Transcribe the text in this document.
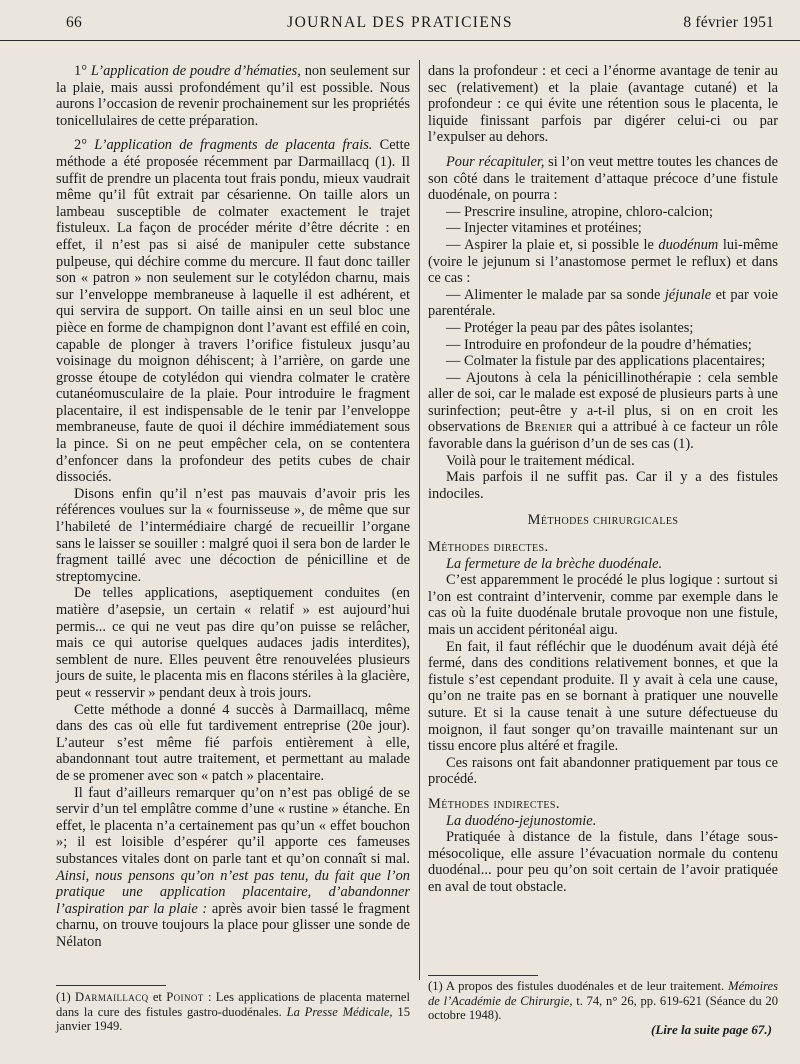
66	JOURNAL DES PRATICIENS	8 février 1951

1° L’application de poudre d’hématies, non seulement sur la plaie, mais aussi profondément qu’il est possible. Nous aurons l’occasion de revenir prochainement sur les propriétés tonicellulaires de cette préparation.

2° L’application de fragments de placenta frais. Cette méthode a été proposée récemment par Darmaillacq (1). Il suffit de prendre un placenta tout frais pondu, mieux vaudrait même qu’il fût extrait par césarienne. On taille alors un lambeau susceptible de colmater exactement le trajet fistuleux. La façon de procéder mérite d’être décrite : en effet, il n’est pas si aisé de manipuler cette substance pulpeuse, qui déchire comme du mercure. Il faut donc tailler son « patron » non seulement sur le cotylédon charnu, mais sur l’enveloppe membraneuse à laquelle il est adhérent, et qui servira de support. On taille ainsi en un seul bloc une pièce en forme de champignon dont l’avant est effilé en coin, capable de plonger à travers l’orifice fistuleux jusqu’au voisinage du moignon déhiscent; à l’arrière, on garde une grosse étoupe de cotylédon qui viendra colmater le cratère cutanéomusculaire de la plaie. Pour introduire le fragment placentaire, il est indispensable de le tenir par l’enveloppe membraneuse, faute de quoi il déchire immédiatement sous la pince. Si on ne peut empêcher cela, on se contentera d’enfoncer dans la profondeur des petits cubes de chair dissociés.

Disons enfin qu’il n’est pas mauvais d’avoir pris les références voulues sur la « fournisseuse », de même que sur l’habileté de l’intermédiaire chargé de recueillir l’organe sans le laisser se souiller : malgré quoi il sera bon de larder le fragment taillé avec une décoction de pénicilline et de streptomycine.

De telles applications, aseptiquement conduites (en matière d’asepsie, un certain « relatif » est aujourd’hui permis... ce qui ne veut pas dire qu’on puisse se relâcher, mais ce qui autorise quelques audaces jadis interdites), semblent de nure. Elles peuvent être renouvelées plusieurs jours de suite, le placenta mis en flacons stériles à la glacière, peut « resservir » pendant deux à trois jours.

Cette méthode a donné 4 succès à Darmaillacq, même dans des cas où elle fut tardivement entreprise (20e jour). L’auteur s’est même fié parfois entièrement à elle, abandonnant tout autre traitement, et permettant au malade de se promener avec son « patch » placentaire.

Il faut d’ailleurs remarquer qu’on n’est pas obligé de se servir d’un tel emplâtre comme d’une « rustine » étanche. En effet, le placenta n’a certainement pas qu’un « effet bouchon »; il est loisible d’espérer qu’il apporte ces fameuses substances vitales dont on parle tant et qu’on connaît si mal. Ainsi, nous pensons qu’on n’est pas tenu, du fait que l’on pratique une application placentaire, d’abandonner l’aspiration par la plaie : après avoir bien tassé le fragment charnu, on trouve toujours la place pour glisser une sonde de Nélaton

dans la profondeur : et ceci a l’énorme avantage de tenir au sec (relativement) et la plaie (avantage cutané) et la profondeur : ce qui évite une rétention sous le placenta, le liquide finissant parfois par digérer celui-ci ou par l’expulser au dehors.

Pour récapituler, si l’on veut mettre toutes les chances de son côté dans le traitement d’attaque précoce d’une fistule duodénale, on pourra :

— Prescrire insuline, atropine, chloro-calcion;

— Injecter vitamines et protéines;

— Aspirer la plaie et, si possible le duodénum lui-même (voire le jejunum si l’anastomose permet le reflux) et dans ce cas :

— Alimenter le malade par sa sonde jéjunale et par voie parentérale.

— Protéger la peau par des pâtes isolantes;

— Introduire en profondeur de la poudre d’hématies;

— Colmater la fistule par des applications placentaires;

— Ajoutons à cela la pénicillinothérapie : cela semble aller de soi, car le malade est exposé de plusieurs parts à une surinfection; peut-être y a-t-il plus, si on en croit les observations de Brenier qui a attribué à ce facteur un rôle favorable dans la guérison d’un de ses cas (1).

Voilà pour le traitement médical.

Mais parfois il ne suffit pas. Car il y a des fistules indociles.

Méthodes chirurgicales

Méthodes directes.

La fermeture de la brèche duodénale.

C’est apparemment le procédé le plus logique : surtout si l’on est contraint d’intervenir, comme par exemple dans le cas où la fuite duodénale brutale provoque non une fistule, mais un accident péritonéal aigu.

En fait, il faut réfléchir que le duodénum avait déjà été fermé, dans des conditions relativement bonnes, et que la fistule s’est cependant produite. Il y avait à cela une cause, qu’on ne traite pas en se bornant à pratiquer une nouvelle suture. Et si la cause tenait à une suture défectueuse du moignon, il faut songer qu’on travaille maintenant sur un tissu encore plus altéré et fragile.

Ces raisons ont fait abandonner pratiquement par tous ce procédé.

Méthodes indirectes.

La duodéno-jejunostomie.

Pratiquée à distance de la fistule, dans l’étage sous-mésocolique, elle assure l’évacuation normale du contenu duodénal... pour peu qu’on soit certain de l’avoir pratiquée en aval de tout obstacle.

(1) Darmaillacq et Poinot : Les applications de placenta maternel dans la cure des fistules gastro-duodénales. La Presse Médicale, 15 janvier 1949.

(1) A propos des fistules duodénales et de leur traitement. Mémoires de l’Académie de Chirurgie, t. 74, n° 26, pp. 619-621 (Séance du 20 octobre 1948).

(Lire la suite page 67.)
